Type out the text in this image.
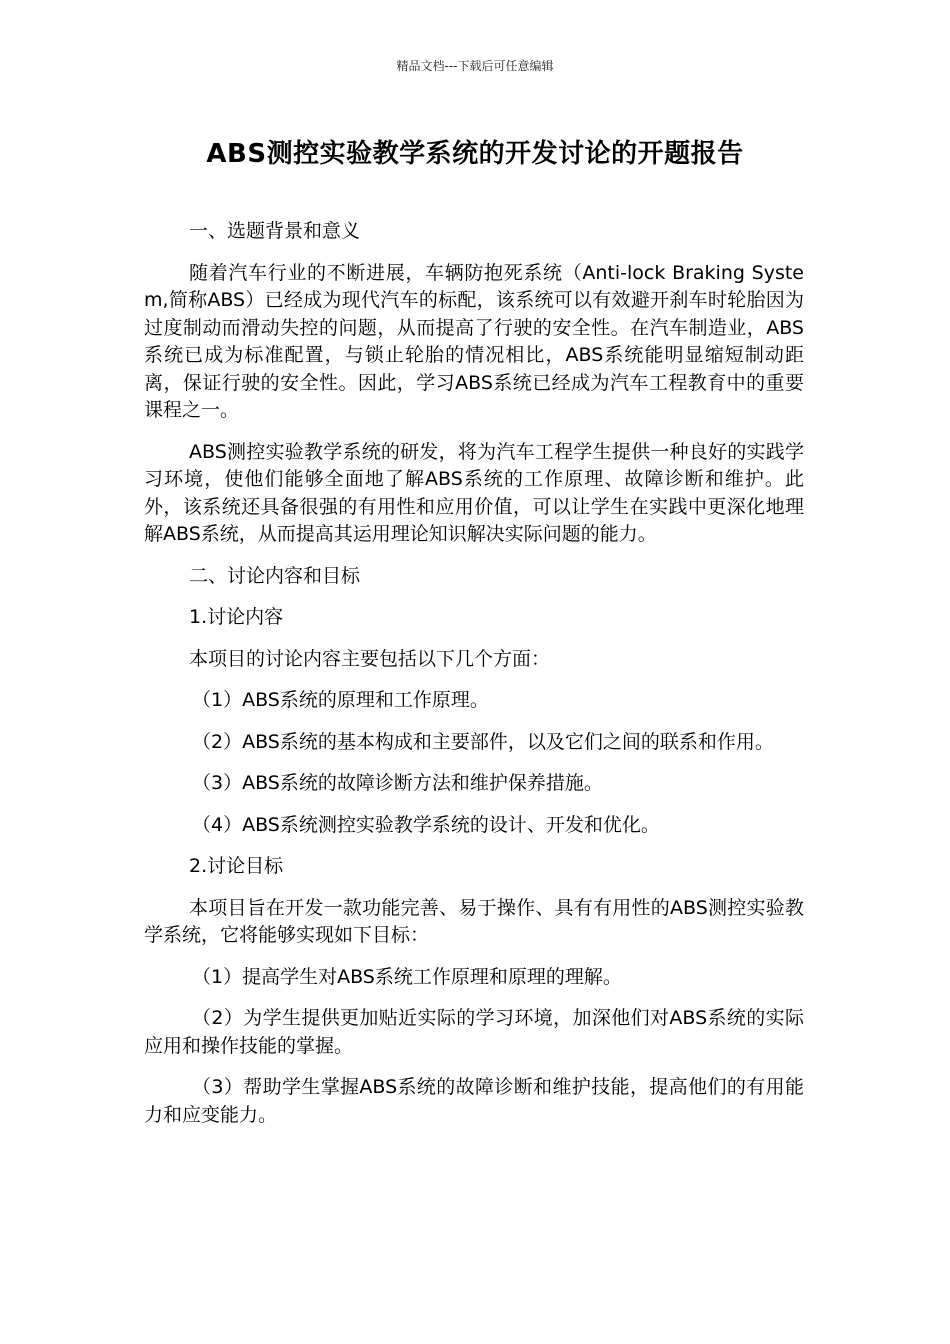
精品文档---下载后可任意编辑
ABS测控实验教学系统的开发讨论的开题报告

一、选题背景和意义

随着汽车行业的不断进展，车辆防抱死系统（Anti-lock Braking System,简称ABS）已经成为现代汽车的标配，该系统可以有效避开刹车时轮胎因为过度制动而滑动失控的问题，从而提高了行驶的安全性。在汽车制造业，ABS系统已成为标准配置，与锁止轮胎的情况相比，ABS系统能明显缩短制动距离，保证行驶的安全性。因此，学习ABS系统已经成为汽车工程教育中的重要课程之一。

ABS测控实验教学系统的研发，将为汽车工程学生提供一种良好的实践学习环境，使他们能够全面地了解ABS系统的工作原理、故障诊断和维护。此外，该系统还具备很强的有用性和应用价值，可以让学生在实践中更深化地理解ABS系统，从而提高其运用理论知识解决实际问题的能力。

二、讨论内容和目标

1.讨论内容

本项目的讨论内容主要包括以下几个方面：

（1）ABS系统的原理和工作原理。

（2）ABS系统的基本构成和主要部件，以及它们之间的联系和作用。

（3）ABS系统的故障诊断方法和维护保养措施。

（4）ABS系统测控实验教学系统的设计、开发和优化。

2.讨论目标

本项目旨在开发一款功能完善、易于操作、具有有用性的ABS测控实验教学系统，它将能够实现如下目标：

（1）提高学生对ABS系统工作原理和原理的理解。

（2）为学生提供更加贴近实际的学习环境，加深他们对ABS系统的实际应用和操作技能的掌握。

（3）帮助学生掌握ABS系统的故障诊断和维护技能，提高他们的有用能力和应变能力。
